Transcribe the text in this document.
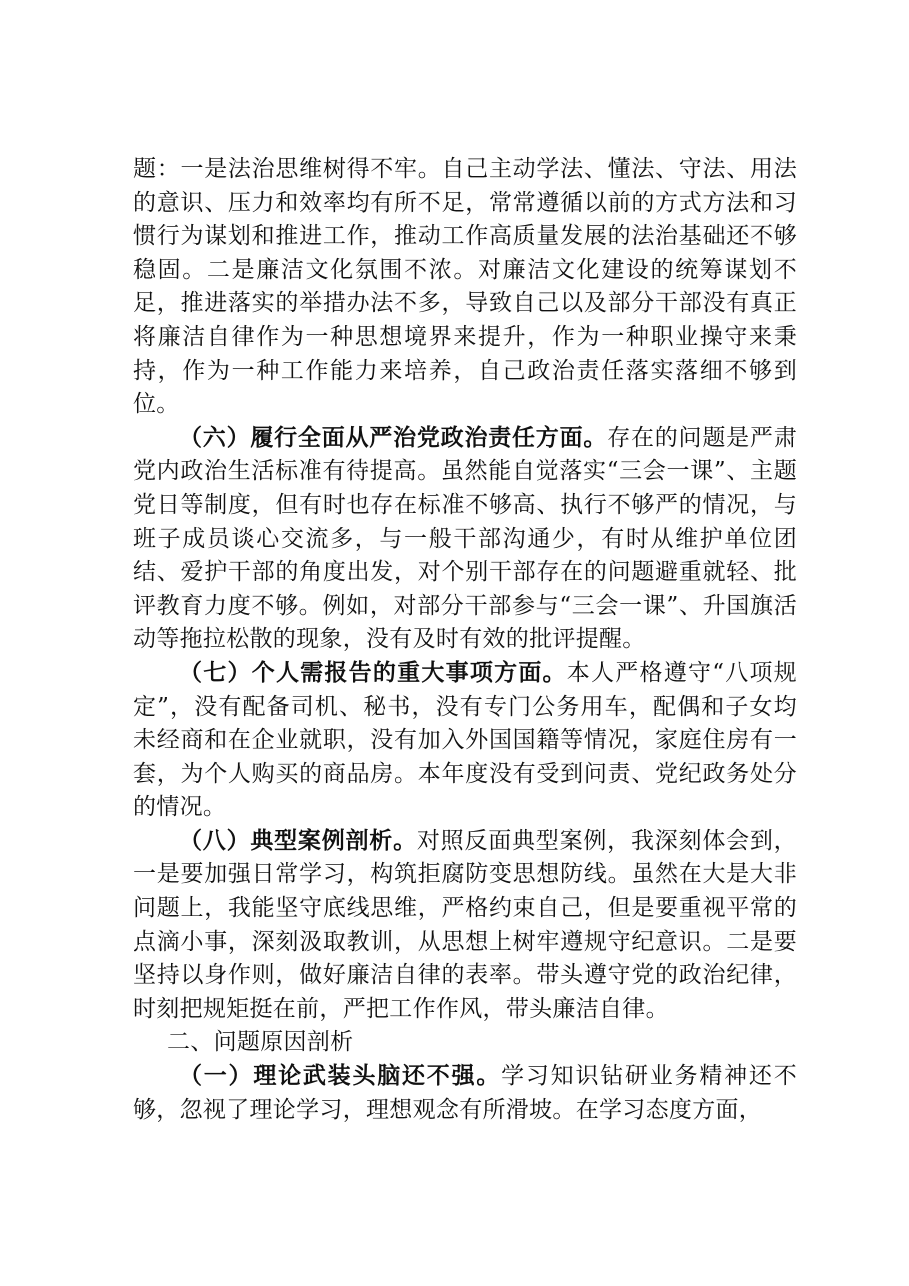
题：一是法治思维树得不牢。自己主动学法、懂法、守法、用法的意识、压力和效率均有所不足，常常遵循以前的方式方法和习惯行为谋划和推进工作，推动工作高质量发展的法治基础还不够稳固。二是廉洁文化氛围不浓。对廉洁文化建设的统筹谋划不足，推进落实的举措办法不多，导致自己以及部分干部没有真正将廉洁自律作为一种思想境界来提升，作为一种职业操守来秉持，作为一种工作能力来培养，自己政治责任落实落细不够到位。

（六）履行全面从严治党政治责任方面。存在的问题是严肃党内政治生活标准有待提高。虽然能自觉落实“三会一课”、主题党日等制度，但有时也存在标准不够高、执行不够严的情况，与班子成员谈心交流多，与一般干部沟通少，有时从维护单位团结、爱护干部的角度出发，对个别干部存在的问题避重就轻、批评教育力度不够。例如，对部分干部参与“三会一课”、升国旗活动等拖拉松散的现象，没有及时有效的批评提醒。

（七）个人需报告的重大事项方面。本人严格遵守“八项规定”，没有配备司机、秘书，没有专门公务用车，配偶和子女均未经商和在企业就职，没有加入外国国籍等情况，家庭住房有一套，为个人购买的商品房。本年度没有受到问责、党纪政务处分的情况。

（八）典型案例剖析。对照反面典型案例，我深刻体会到，一是要加强日常学习，构筑拒腐防变思想防线。虽然在大是大非问题上，我能坚守底线思维，严格约束自己，但是要重视平常的点滴小事，深刻汲取教训，从思想上树牢遵规守纪意识。二是要坚持以身作则，做好廉洁自律的表率。带头遵守党的政治纪律，时刻把规矩挺在前，严把工作作风，带头廉洁自律。

二、问题原因剖析

（一）理论武装头脑还不强。学习知识钻研业务精神还不够，忽视了理论学习，理想观念有所滑坡。在学习态度方面，
